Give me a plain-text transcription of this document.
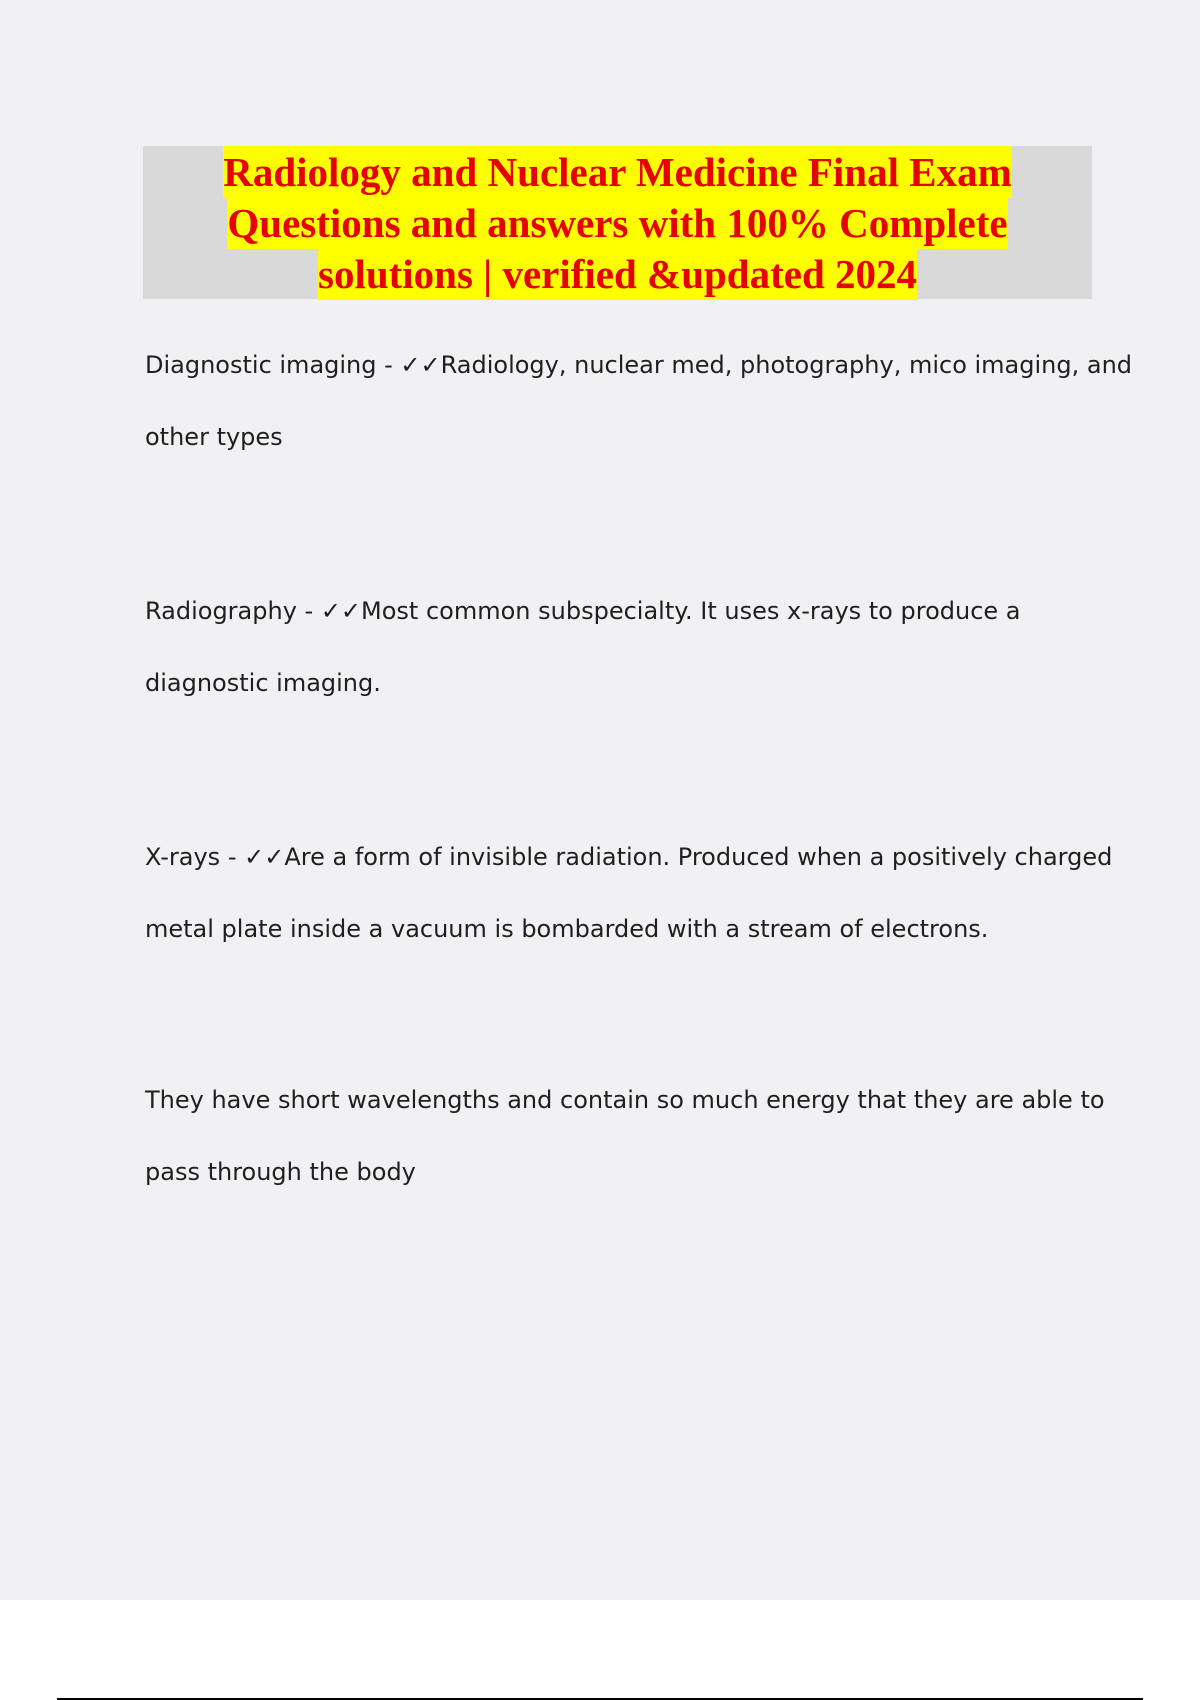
Radiology and Nuclear Medicine Final Exam
Questions and answers with 100% Complete
solutions | verified &updated 2024
Diagnostic imaging - ✓✓Radiology, nuclear med, photography, mico imaging, and
other types
Radiography - ✓✓Most common subspecialty. It uses x-rays to produce a
diagnostic imaging.
X-rays - ✓✓Are a form of invisible radiation. Produced when a positively charged
metal plate inside a vacuum is bombarded with a stream of electrons.
They have short wavelengths and contain so much energy that they are able to
pass through the body
